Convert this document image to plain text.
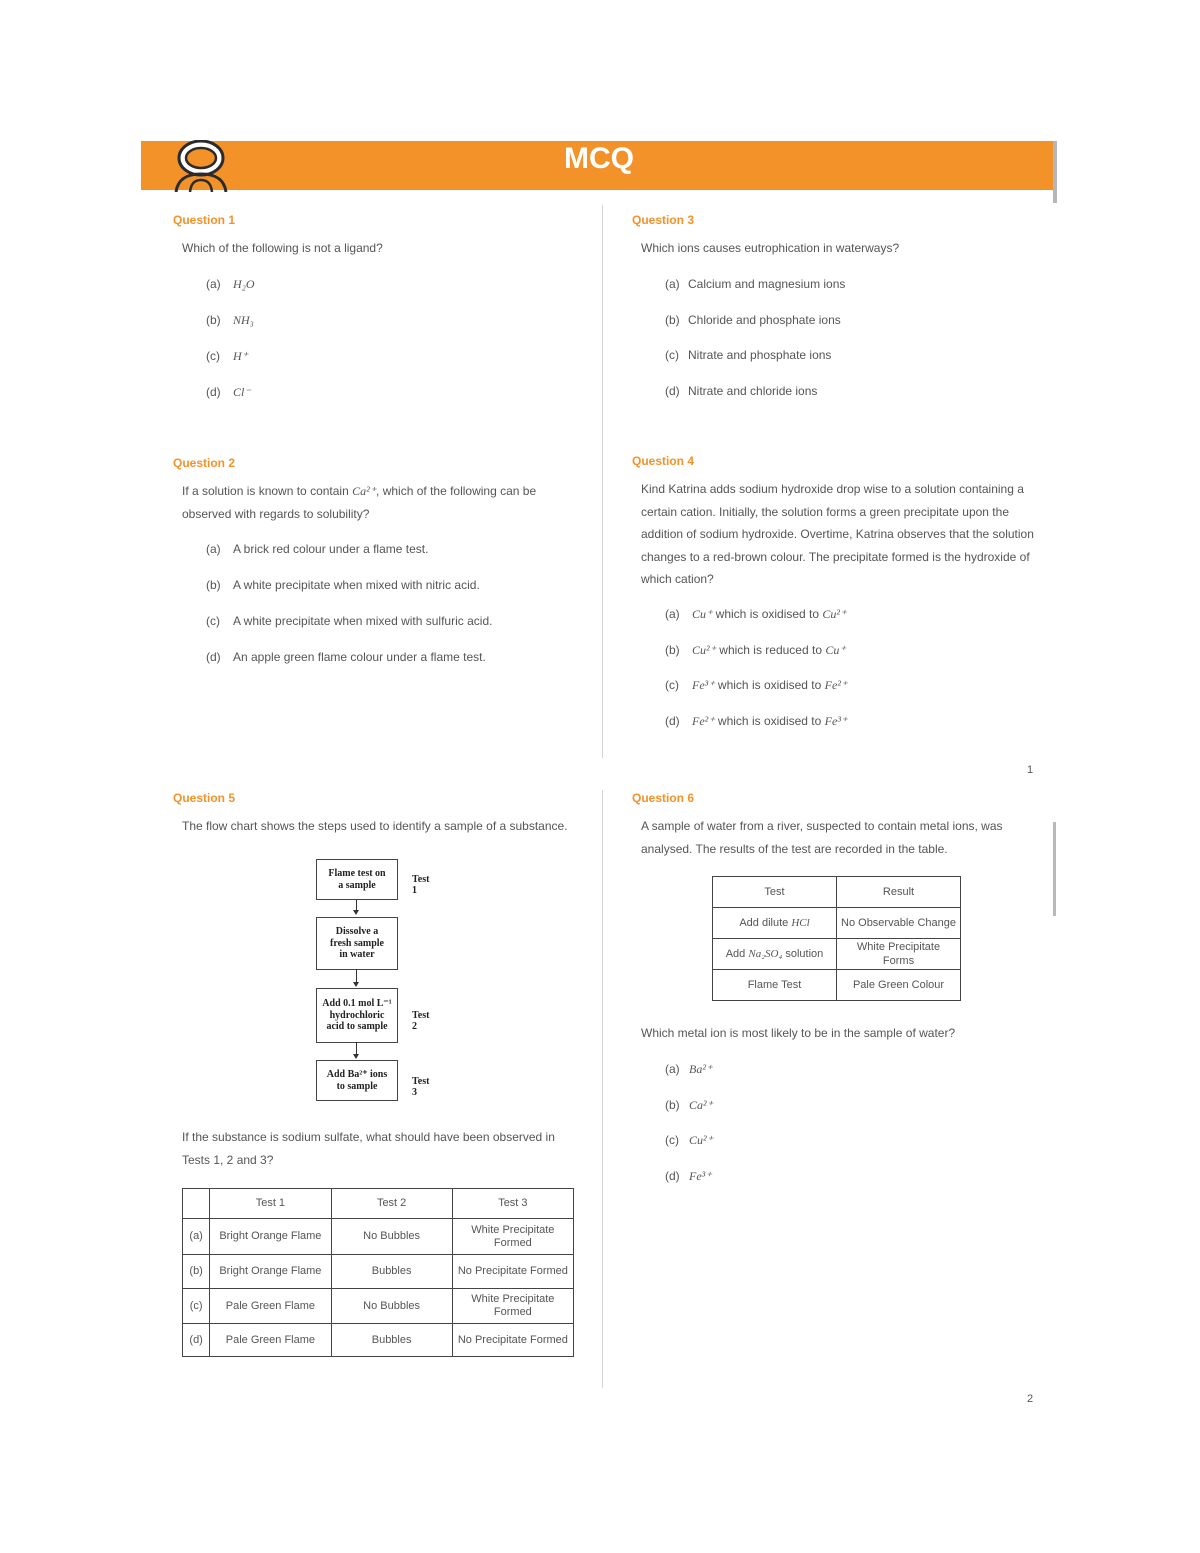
MCQ
1
2
Question 1
Which of the following is not a ligand?
(a) H₂O
(b) NH₃
(c) H⁺
(d) Cl⁻
Question 2
If a solution is known to contain Ca²⁺, which of the following can be
observed with regards to solubility?
(a) A brick red colour under a flame test.
(b) A white precipitate when mixed with nitric acid.
(c) A white precipitate when mixed with sulfuric acid.
(d) An apple green flame colour under a flame test.
Question 3
Which ions causes eutrophication in waterways?
(a) Calcium and magnesium ions
(b) Chloride and phosphate ions
(c) Nitrate and phosphate ions
(d) Nitrate and chloride ions
Question 4
Kind Katrina adds sodium hydroxide drop wise to a solution containing a
certain cation. Initially, the solution forms a green precipitate upon the
addition of sodium hydroxide. Overtime, Katrina observes that the solution
changes to a red-brown colour. The precipitate formed is the hydroxide of
which cation?
(a) Cu⁺ which is oxidised to Cu²⁺
(b) Cu²⁺ which is reduced to Cu⁺
(c) Fe³⁺ which is oxidised to Fe²⁺
(d) Fe²⁺ which is oxidised to Fe³⁺
Question 5
The flow chart shows the steps used to identify a sample of a substance.
Flame test on
a sample	Test 1
Dissolve a
fresh sample
in water
Add 0.1 mol L⁻¹
hydrochloric
acid to sample
Test 2
Add Ba²⁺ ions
to sample	Test 3
If the substance is sodium sulfate, what should have been observed in
Tests 1, 2 and 3?
	Test 1	Test 2	Test 3
(a)	Bright Orange Flame	No Bubbles	White Precipitate Formed
(b)	Bright Orange Flame	Bubbles	No Precipitate Formed
(c)	Pale Green Flame	No Bubbles	White Precipitate Formed
(d)	Pale Green Flame	Bubbles	No Precipitate Formed
Question 6
A sample of water from a river, suspected to contain metal ions, was
analysed. The results of the test are recorded in the table.
Test	Result
Add dilute HCl	No Observable Change
Add Na₂SO₄ solution	White Precipitate Forms
Flame Test	Pale Green Colour
Which metal ion is most likely to be in the sample of water?
(a) Ba²⁺
(b) Ca²⁺
(c) Cu²⁺
(d) Fe³⁺
